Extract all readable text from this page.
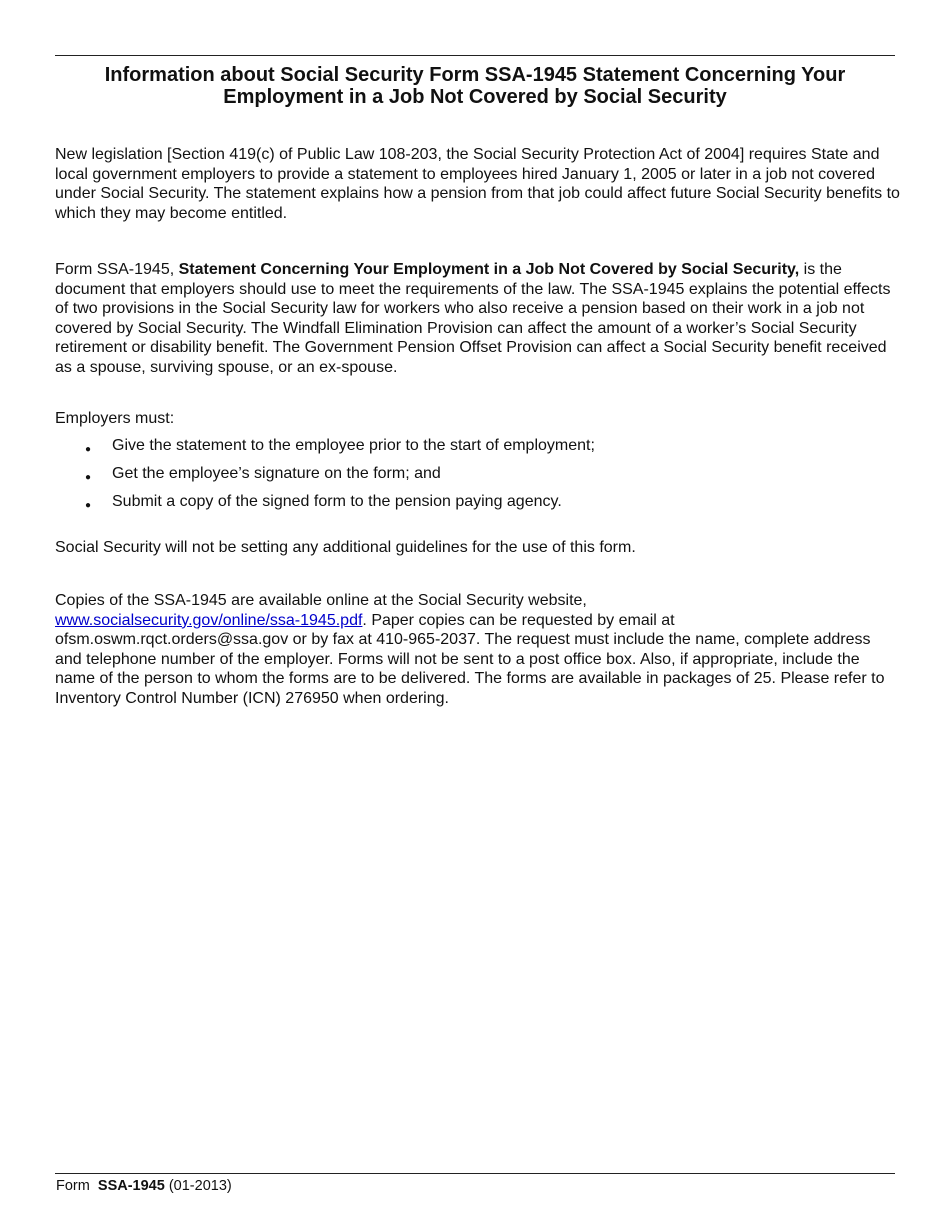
Information about Social Security Form SSA-1945 Statement Concerning Your
Employment in a Job Not Covered by Social Security

New legislation [Section 419(c) of Public Law 108-203, the Social Security Protection Act of 2004] requires State and local government employers to provide a statement to employees hired January 1, 2005 or later in a job not covered under Social Security. The statement explains how a pension from that job could affect future Social Security benefits to which they may become entitled.

Form SSA-1945, Statement Concerning Your Employment in a Job Not Covered by Social Security, is the document that employers should use to meet the requirements of the law. The SSA-1945 explains the potential effects of two provisions in the Social Security law for workers who also receive a pension based on their work in a job not covered by Social Security. The Windfall Elimination Provision can affect the amount of a worker’s Social Security retirement or disability benefit. The Government Pension Offset Provision can affect a Social Security benefit received as a spouse, surviving spouse, or an ex-spouse.

Employers must:

● Give the statement to the employee prior to the start of employment;
● Get the employee’s signature on the form; and
● Submit a copy of the signed form to the pension paying agency.

Social Security will not be setting any additional guidelines for the use of this form.

Copies of the SSA-1945 are available online at the Social Security website,
www.socialsecurity.gov/online/ssa-1945.pdf. Paper copies can be requested by email at ofsm.oswm.rqct.orders@ssa.gov or by fax at 410-965-2037. The request must include the name, complete address and telephone number of the employer. Forms will not be sent to a post office box. Also, if appropriate, include the name of the person to whom the forms are to be delivered. The forms are available in packages of 25. Please refer to Inventory Control Number (ICN) 276950 when ordering.

Form SSA-1945 (01-2013)
